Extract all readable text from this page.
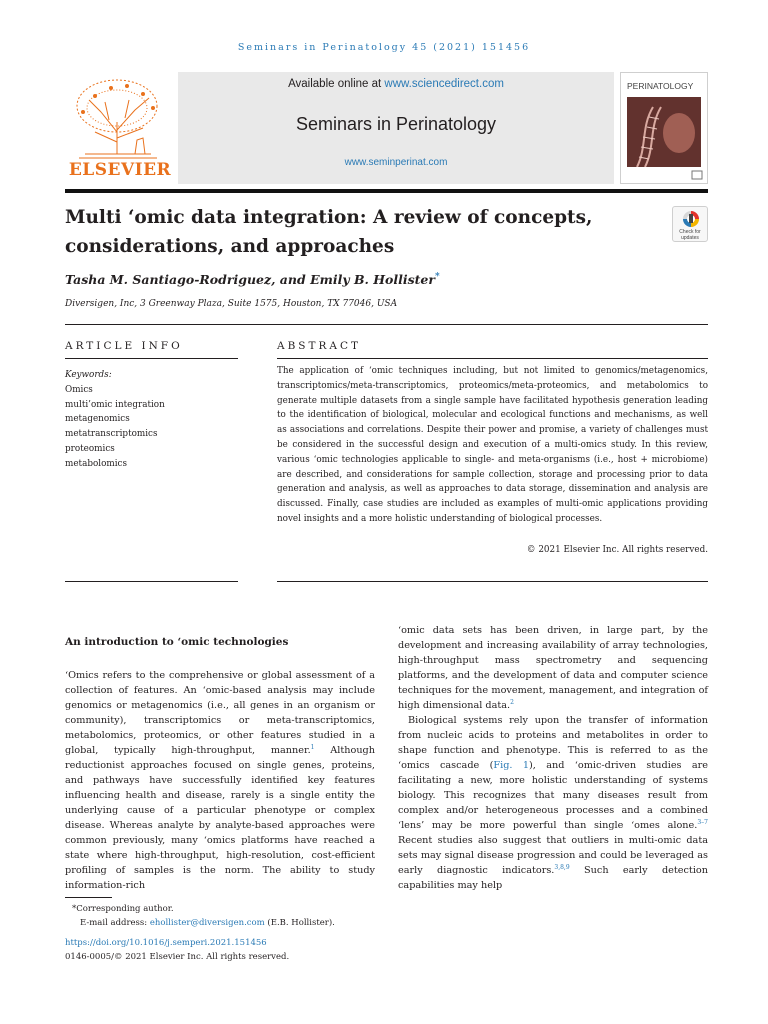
Seminars in Perinatology 45 (2021) 151456
ELSEVIER
Available online at www.sciencedirect.com
Seminars in Perinatology
www.seminperinat.com
PERINATOLOGY
Multi ‘omic data integration: A review of concepts,
considerations, and approaches
Check for updates
Tasha M. Santiago-Rodriguez, and Emily B. Hollister*
Diversigen, Inc, 3 Greenway Plaza, Suite 1575, Houston, TX 77046, USA
ARTICLE INFO
Keywords:
Omics
multi’omic integration
metagenomics
metatranscriptomics
proteomics
metabolomics
ABSTRACT
The application of ‘omic techniques including, but not limited to genomics/metagenomics, transcriptomics/meta-transcriptomics, proteomics/meta-proteomics, and metabolomics to generate multiple datasets from a single sample have facilitated hypothesis generation leading to the identification of biological, molecular and ecological functions and mechanisms, as well as associations and correlations. Despite their power and promise, a variety of challenges must be considered in the successful design and execution of a multi-omics study. In this review, various ‘omic technologies applicable to single- and meta-organisms (i.e., host + microbiome) are described, and considerations for sample collection, storage and processing prior to data generation and analysis, as well as approaches to data storage, dissemination and analysis are discussed. Finally, case studies are included as examples of multi-omic applications providing novel insights and a more holistic understanding of biological processes.
© 2021 Elsevier Inc. All rights reserved.
An introduction to ‘omic technologies

‘Omics refers to the comprehensive or global assessment of a collection of features. An ‘omic-based analysis may include genomics or metagenomics (i.e., all genes in an organism or community), transcriptomics or meta-transcriptomics, metabolomics, proteomics, or other features studied in a global, typically high-throughput, manner.$^1$ Although reductionist approaches focused on single genes, proteins, and pathways have successfully identified key features influencing health and disease, rarely is a single entity the underlying cause of a particular phenotype or complex disease. Whereas analyte by analyte-based approaches were common previously, many ‘omics platforms have reached a state where high-throughput, high-resolution, cost-efficient profiling of samples is the norm. The ability to study information-rich

‘omic data sets has been driven, in large part, by the development and increasing availability of array technologies, high-throughput mass spectrometry and sequencing platforms, and the development of data and computer science techniques for the movement, management, and integration of high dimensional data.$^2$

Biological systems rely upon the transfer of information from nucleic acids to proteins and metabolites in order to shape function and phenotype. This is referred to as the ‘omics cascade (Fig. 1), and ‘omic-driven studies are facilitating a new, more holistic understanding of systems biology. This recognizes that many diseases result from complex and/or heterogeneous processes and a combined ‘lens’ may be more powerful than single ‘omes alone.$^{3-7}$ Recent studies also suggest that outliers in multi-omic data sets may signal disease progression and could be leveraged as early diagnostic indicators.$^{3,8,9}$ Such early detection capabilities may help

*Corresponding author.
E-mail address: ehollister@diversigen.com (E.B. Hollister).
https://doi.org/10.1016/j.semperi.2021.151456
0146-0005/© 2021 Elsevier Inc. All rights reserved.
